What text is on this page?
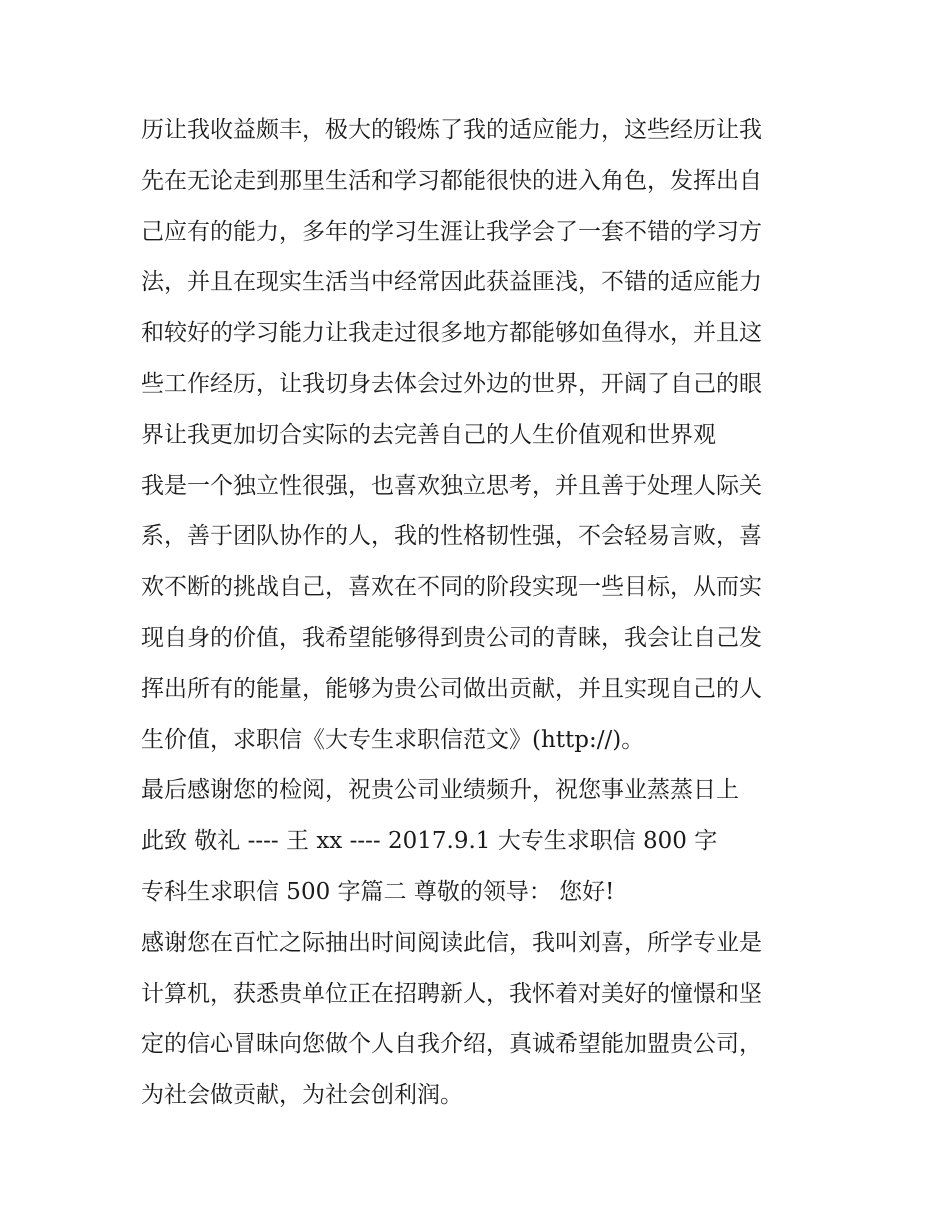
历让我收益颇丰，极大的锻炼了我的适应能力，这些经历让我
先在无论走到那里生活和学习都能很快的进入角色，发挥出自
己应有的能力，多年的学习生涯让我学会了一套不错的学习方
法，并且在现实生活当中经常因此获益匪浅，不错的适应能力
和较好的学习能力让我走过很多地方都能够如鱼得水，并且这
些工作经历，让我切身去体会过外边的世界，开阔了自己的眼
界让我更加切合实际的去完善自己的人生价值观和世界观
我是一个独立性很强，也喜欢独立思考，并且善于处理人际关
系，善于团队协作的人，我的性格韧性强，不会轻易言败，喜
欢不断的挑战自己，喜欢在不同的阶段实现一些目标，从而实
现自身的价值，我希望能够得到贵公司的青睐，我会让自己发
挥出所有的能量，能够为贵公司做出贡献，并且实现自己的人
生价值，求职信《大专生求职信范文》(http://)。
最后感谢您的检阅，祝贵公司业绩频升，祝您事业蒸蒸日上
此致 敬礼 ---- 王 xx ---- 2017.9.1 大专生求职信 800 字
专科生求职信 500 字篇二 尊敬的领导： 您好!
感谢您在百忙之际抽出时间阅读此信，我叫刘喜，所学专业是
计算机，获悉贵单位正在招聘新人，我怀着对美好的憧憬和坚
定的信心冒昧向您做个人自我介绍，真诚希望能加盟贵公司，
为社会做贡献，为社会创利润。
